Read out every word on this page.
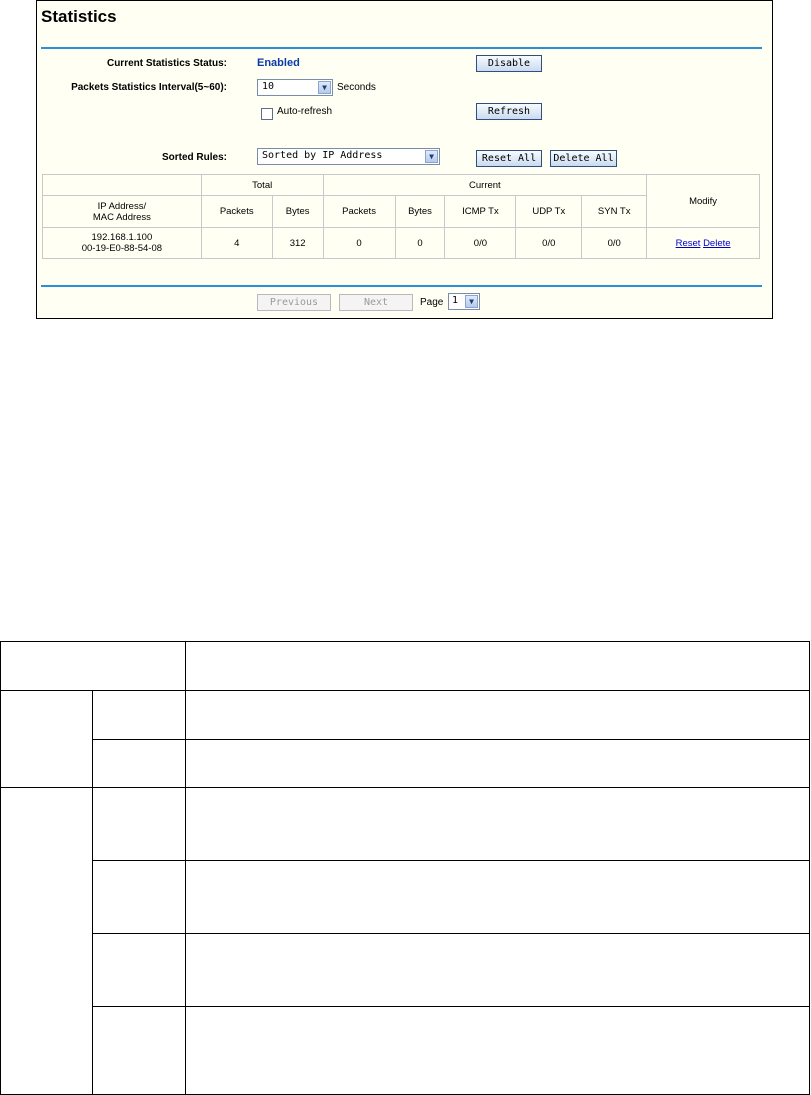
Statistics
Current Statistics Status:	Enabled	Disable
Packets Statistics Interval(5~60):	10	▼	Seconds
Auto-refresh	Refresh
Sorted Rules:	Sorted by IP Address	▼	Reset All	Delete All
	Total		Current					Modify

IP Address/
MAC Address	Packets	Bytes	Packets	Bytes	ICMP Tx	UDP Tx	SYN Tx	

192.168.1.100
00-19-E0-88-54-08	4	312	0	0	0/0	0/0	0/0	Reset Delete
Previous	Next	Page 1	▼
